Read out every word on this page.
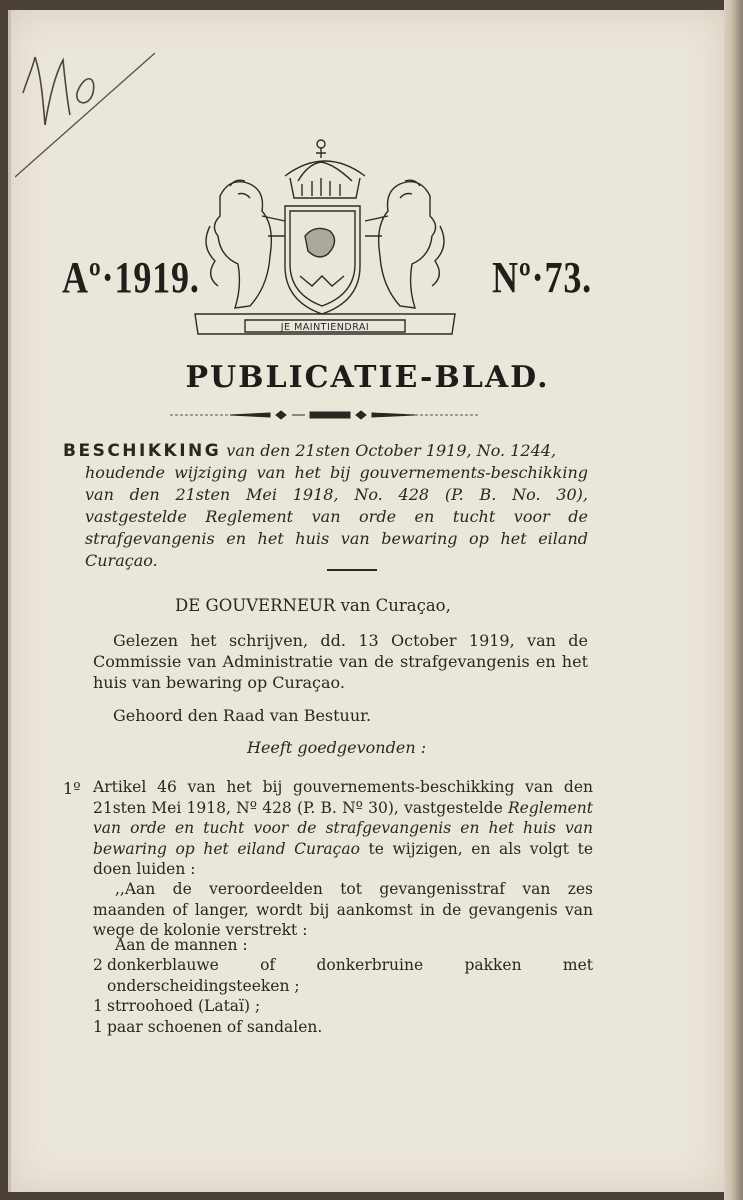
Aº·1919.	Nº·73.
JE MAINTIENDRAI
PUBLICATIE-BLAD.
BESCHIKKING van den 21sten October 1919, No. 1244,
houdende wijziging van het bij gouvernements-beschikking van den 21sten Mei 1918, No. 428 (P. B. No. 30), vastgestelde Reglement van orde en tucht voor de strafgevangenis en het huis van bewaring op het eiland Curaçao.
DE GOUVERNEUR van Curaçao,
Gelezen het schrijven, dd. 13 October 1919, van de Commissie van Administratie van de strafgevangenis en het huis van bewaring op Curaçao.
Gehoord den Raad van Bestuur.
Heeft goedgevonden :
1º Artikel 46 van het bij gouvernements-beschikking van den 21sten Mei 1918, Nº 428 (P. B. Nº 30), vastgestelde Reglement van orde en tucht voor de strafgevangenis en het huis van bewaring op het eiland Curaçao te wijzigen, en als volgt te doen luiden :
,,Aan de veroordeelden tot gevangenisstraf van zes maanden of langer, wordt bij aankomst in de gevangenis van wege de kolonie verstrekt :
Aan de mannen :
2 donkerblauwe of donkerbruine pakken met onderscheidingsteeken ;
1 strroohoed (Lataï) ;
1 paar schoenen of sandalen.
